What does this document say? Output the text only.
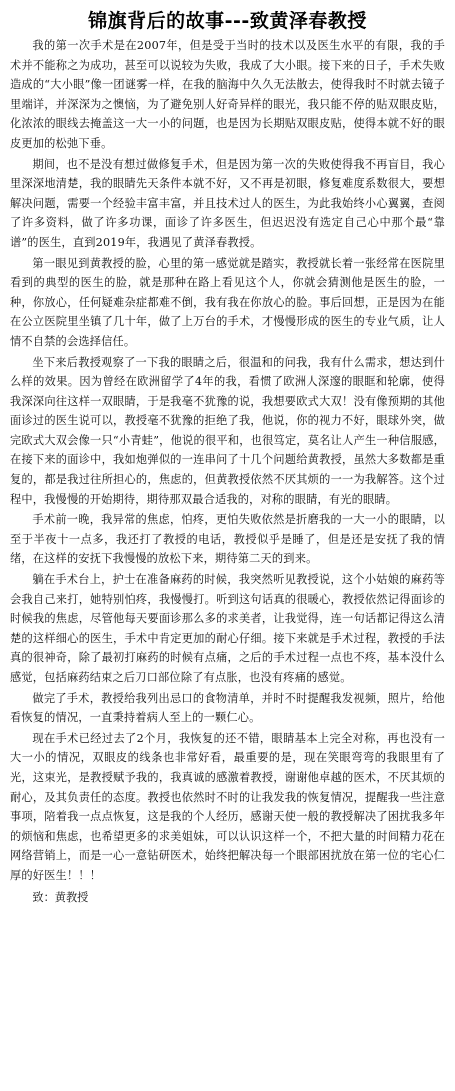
锦旗背后的故事---致黄泽春教授
我的第一次手术是在2007年，但是受于当时的技术以及医生水平的有限，我的手术并不能称之为成功，甚至可以说较为失败，我成了大小眼。接下来的日子，手术失败造成的“大小眼”像一团谜雾一样，在我的脑海中久久无法散去，使得我时不时就去镜子里端详，并深深为之懊恼，为了避免别人好奇异样的眼光，我只能不停的贴双眼皮贴，化浓浓的眼线去掩盖这一大一小的问题，也是因为长期贴双眼皮贴，使得本就不好的眼皮更加的松弛下垂。
期间，也不是没有想过做修复手术，但是因为第一次的失败使得我不再盲目，我心里深深地清楚，我的眼睛先天条件本就不好，又不再是初眼，修复难度系数很大，要想解决问题，需要一个经验丰富丰富，并且技术过人的医生，为此我始终小心翼翼，查阅了许多资料，做了许多功课，面诊了许多医生，但迟迟没有选定自己心中那个最“靠谱”的医生，直到2019年，我遇见了黄泽春教授。
第一眼见到黄教授的脸，心里的第一感觉就是踏实，教授就长着一张经常在医院里看到的典型的医生的脸，就是那种在路上看见这个人，你就会猜测他是医生的脸，一种，你放心，任何疑难杂症都难不倒，我有我在你放心的脸。事后回想，正是因为在能在公立医院里坐镇了几十年，做了上万台的手术，才慢慢形成的医生的专业气质，让人情不自禁的会选择信任。
坐下来后教授观察了一下我的眼睛之后，很温和的问我，我有什么需求，想达到什么样的效果。因为曾经在欧洲留学了4年的我，看惯了欧洲人深邃的眼眶和轮廓，使得我深深向往这样一双眼睛，于是我毫不犹豫的说，我想要欧式大双！没有像预期的其他面诊过的医生说可以，教授毫不犹豫的拒绝了我，他说，你的视力不好，眼球外突，做完欧式大双会像一只“小青蛙”，他说的很平和，也很笃定，莫名让人产生一种信服感，在接下来的面诊中，我如炮弹似的一连串问了十几个问题给黄教授，虽然大多数都是重复的，都是我过往所担心的，焦虑的，但黄教授依然不厌其烦的一一为我解答。这个过程中，我慢慢的开始期待，期待那双最合适我的，对称的眼睛，有光的眼睛。
手术前一晚，我异常的焦虑，怕疼，更怕失败依然是折磨我的一大一小的眼睛，以至于半夜十一点多，我还打了教授的电话，教授似乎是睡了，但是还是安抚了我的情绪，在这样的安抚下我慢慢的放松下来，期待第二天的到来。
躺在手术台上，护士在准备麻药的时候，我突然听见教授说，这个小姑娘的麻药等会我自己来打，她特别怕疼，我慢慢打。听到这句话真的很暖心，教授依然记得面诊的时候我的焦虑，尽管他每天要面诊那么多的求美者，让我觉得，连一句话都记得这么清楚的这样细心的医生，手术中肯定更加的耐心仔细。接下来就是手术过程，教授的手法真的很神奇，除了最初打麻药的时候有点痛，之后的手术过程一点也不疼，基本没什么感觉，包括麻药结束之后刀口部位除了有点胀，也没有疼痛的感觉。
做完了手术，教授给我列出忌口的食物清单，并时不时提醒我发视频，照片，给他看恢复的情况，一直秉持着病人至上的一颗仁心。
现在手术已经过去了2个月，我恢复的还不错，眼睛基本上完全对称，再也没有一大一小的情况，双眼皮的线条也非常好看，最重要的是，现在笑眼弯弯的我眼里有了光，这束光，是教授赋予我的，我真诚的感激着教授，谢谢他卓越的医术，不厌其烦的耐心，及其负责任的态度。教授也依然时不时的让我发我的恢复情况，提醒我一些注意事项，陪着我一点点恢复，这是我的个人经历，感谢天使一般的教授解决了困扰我多年的烦恼和焦虑，也希望更多的求美姐妹，可以认识这样一个，不把大量的时间精力花在网络营销上，而是一心一意钻研医术，始终把解决每一个眼部困扰放在第一位的宅心仁厚的好医生！！！
致：黄教授
